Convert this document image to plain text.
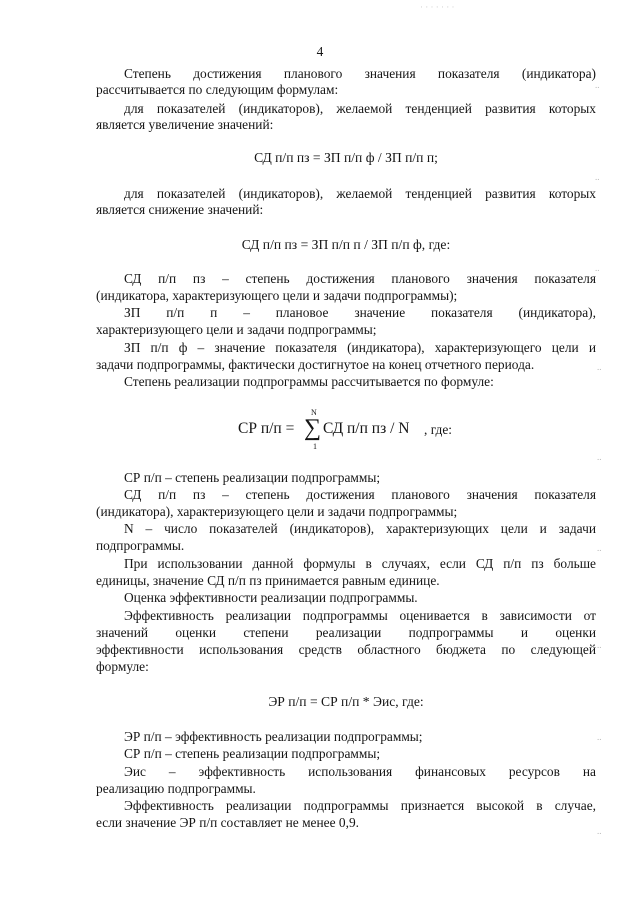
4
Степень достижения планового значения показателя (индикатора)
рассчитывается по следующим формулам:
для показателей (индикаторов), желаемой тенденцией развития которых
является увеличение значений:
СД п/п пз = ЗП п/п ф / ЗП п/п п;
для показателей (индикаторов), желаемой тенденцией развития которых
является снижение значений:
СД п/п пз = ЗП п/п п / ЗП п/п ф, где:
СД п/п пз – степень достижения планового значения показателя
(индикатора, характеризующего цели и задачи подпрограммы);
ЗП п/п п – плановое значение показателя (индикатора),
характеризующего цели и задачи подпрограммы;
ЗП п/п ф – значение показателя (индикатора), характеризующего цели и
задачи подпрограммы, фактически достигнутое на конец отчетного периода.
Степень реализации подпрограммы рассчитывается по формуле:
СР п/п =
N
∑
1
СД п/п пз / N , где:
СР п/п – степень реализации подпрограммы;
СД п/п пз – степень достижения планового значения показателя
(индикатора), характеризующего цели и задачи подпрограммы;
N – число показателей (индикаторов), характеризующих цели и задачи
подпрограммы.
При использовании данной формулы в случаях, если СД п/п пз больше
единицы, значение СД п/п пз принимается равным единице.
Оценка эффективности реализации подпрограммы.
Эффективность реализации подпрограммы оценивается в зависимости от
значений оценки степени реализации подпрограммы и оценки
эффективности использования средств областного бюджета по следующей
формуле:
ЭР п/п = СР п/п * Эис, где:
ЭР п/п – эффективность реализации подпрограммы;
СР п/п – степень реализации подпрограммы;
Эис – эффективность использования финансовых ресурсов на
реализацию подпрограммы.
Эффективность реализации подпрограммы признается высокой в случае,
если значение ЭР п/п составляет не менее 0,9.
..
..
..
..
..
..
..
..
..
· · · · · · ·
